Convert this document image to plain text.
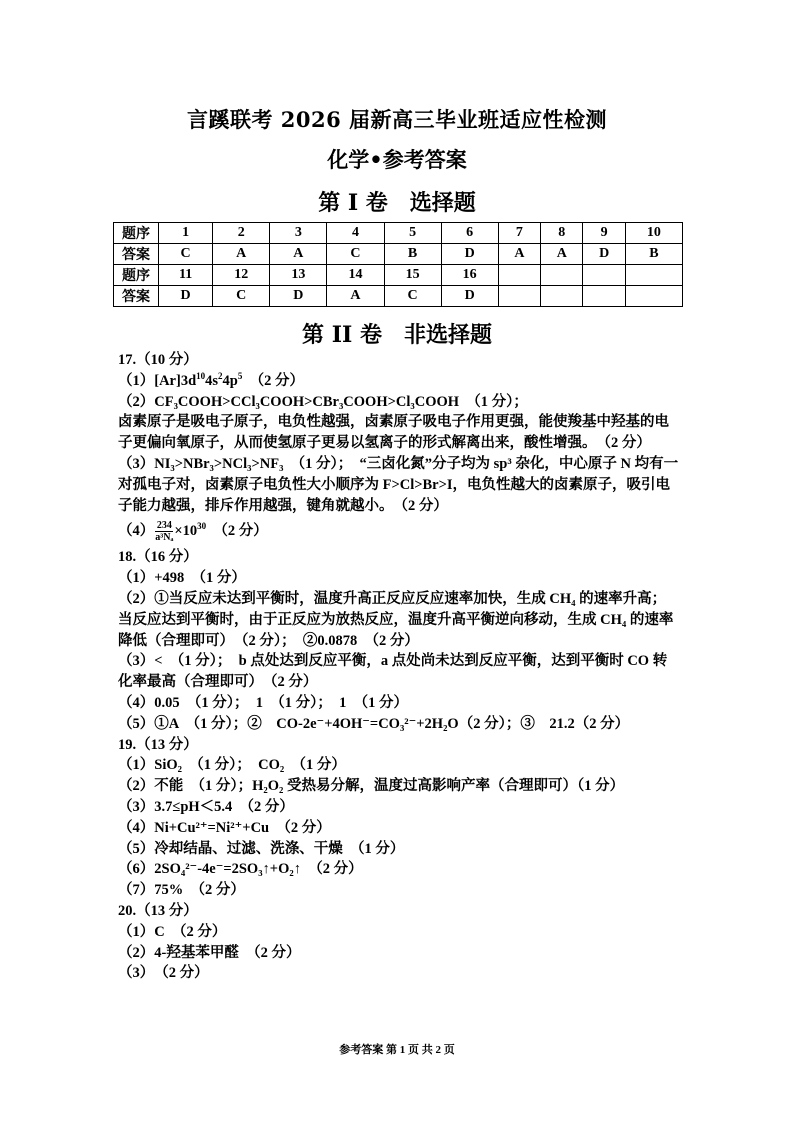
言蹊联考 2026 届新高三毕业班适应性检测
化学•参考答案
第 I 卷　选择题
题序	1	2	3	4	5	6	7	8	9	10
答案	C	A	A	C	B	D	A	A	D	B
题序	11	12	13	14	15	16				
答案	D	C	D	A	C	D				
第 II 卷　非选择题

17.（10 分）

$(1)[Ar]3d^{10}4s^24p^5$　（2 分）

（2）CF₃COOH>CCl₃COOH>CBr₃COOH>Cl₃COOH　（1 分）；

卤素原子是吸电子原子，电负性越强，卤素原子吸电子作用更强，能使羧基中羟基的电子更偏向氧原子，从而使氢原子更易以氢离子的形式解离出来，酸性增强。　（2 分）

（3）NI₃>NBr₃>NCl₃>NF₃　（1 分）；　“三卤化氮”分子均为 sp³ 杂化，中心原子 N 均有一对孤电子对，卤素原子电负性大小顺序为 F>Cl>Br>I，电负性越大的卤素原子，吸引电子能力越强，排斥作用越强，键角就越小。　（2 分）

$(4) \frac{234}{\text{a³Nₐ}} \times 10^{30}$　（2 分）

18.（16 分）

（1）+498　（1 分）

（2）①当反应未达到平衡时，温度升高正反应反应速率加快，生成 CH₄ 的速率升高；当反应达到平衡时，由于正反应为放热反应，温度升高平衡逆向移动，生成 CH₄ 的速率降低（合理即可）　（2 分）；　②0.0878　（2 分）

（3）<　（1 分）；　b 点处达到反应平衡，a 点处尚未达到反应平衡，达到平衡时 CO 转化率最高（合理即可）　（2 分）

（4）0.05　（1 分）；　1　（1 分）；　1　（1 分）

（5）①A　（1 分）；②　CO-2e⁻+4OH⁻=CO₃²⁻+2H₂O（2 分）；③　21.2（2 分）

19.（13 分）

（1）SiO₂　（1 分）；　CO₂　（1 分）

（2）不能　（1 分）；H₂O₂ 受热易分解，温度过高影响产率（合理即可）（1 分）

（3）3.7≤pH＜5.4　（2 分）

（4）Ni+Cu²⁺=Ni²⁺+Cu　（2 分）

（5）冷却结晶、过滤、洗涤、干燥　（1 分）

（6）2SO₄²⁻-4e⁻=2SO₃↑+O₂↑　（2 分）

（7）75%　（2 分）

20.（13 分）

（1）C　（2 分）

（2）4-羟基苯甲醛　（2 分）

（3）　（2 分）

参考答案 第 1 页 共 2 页
